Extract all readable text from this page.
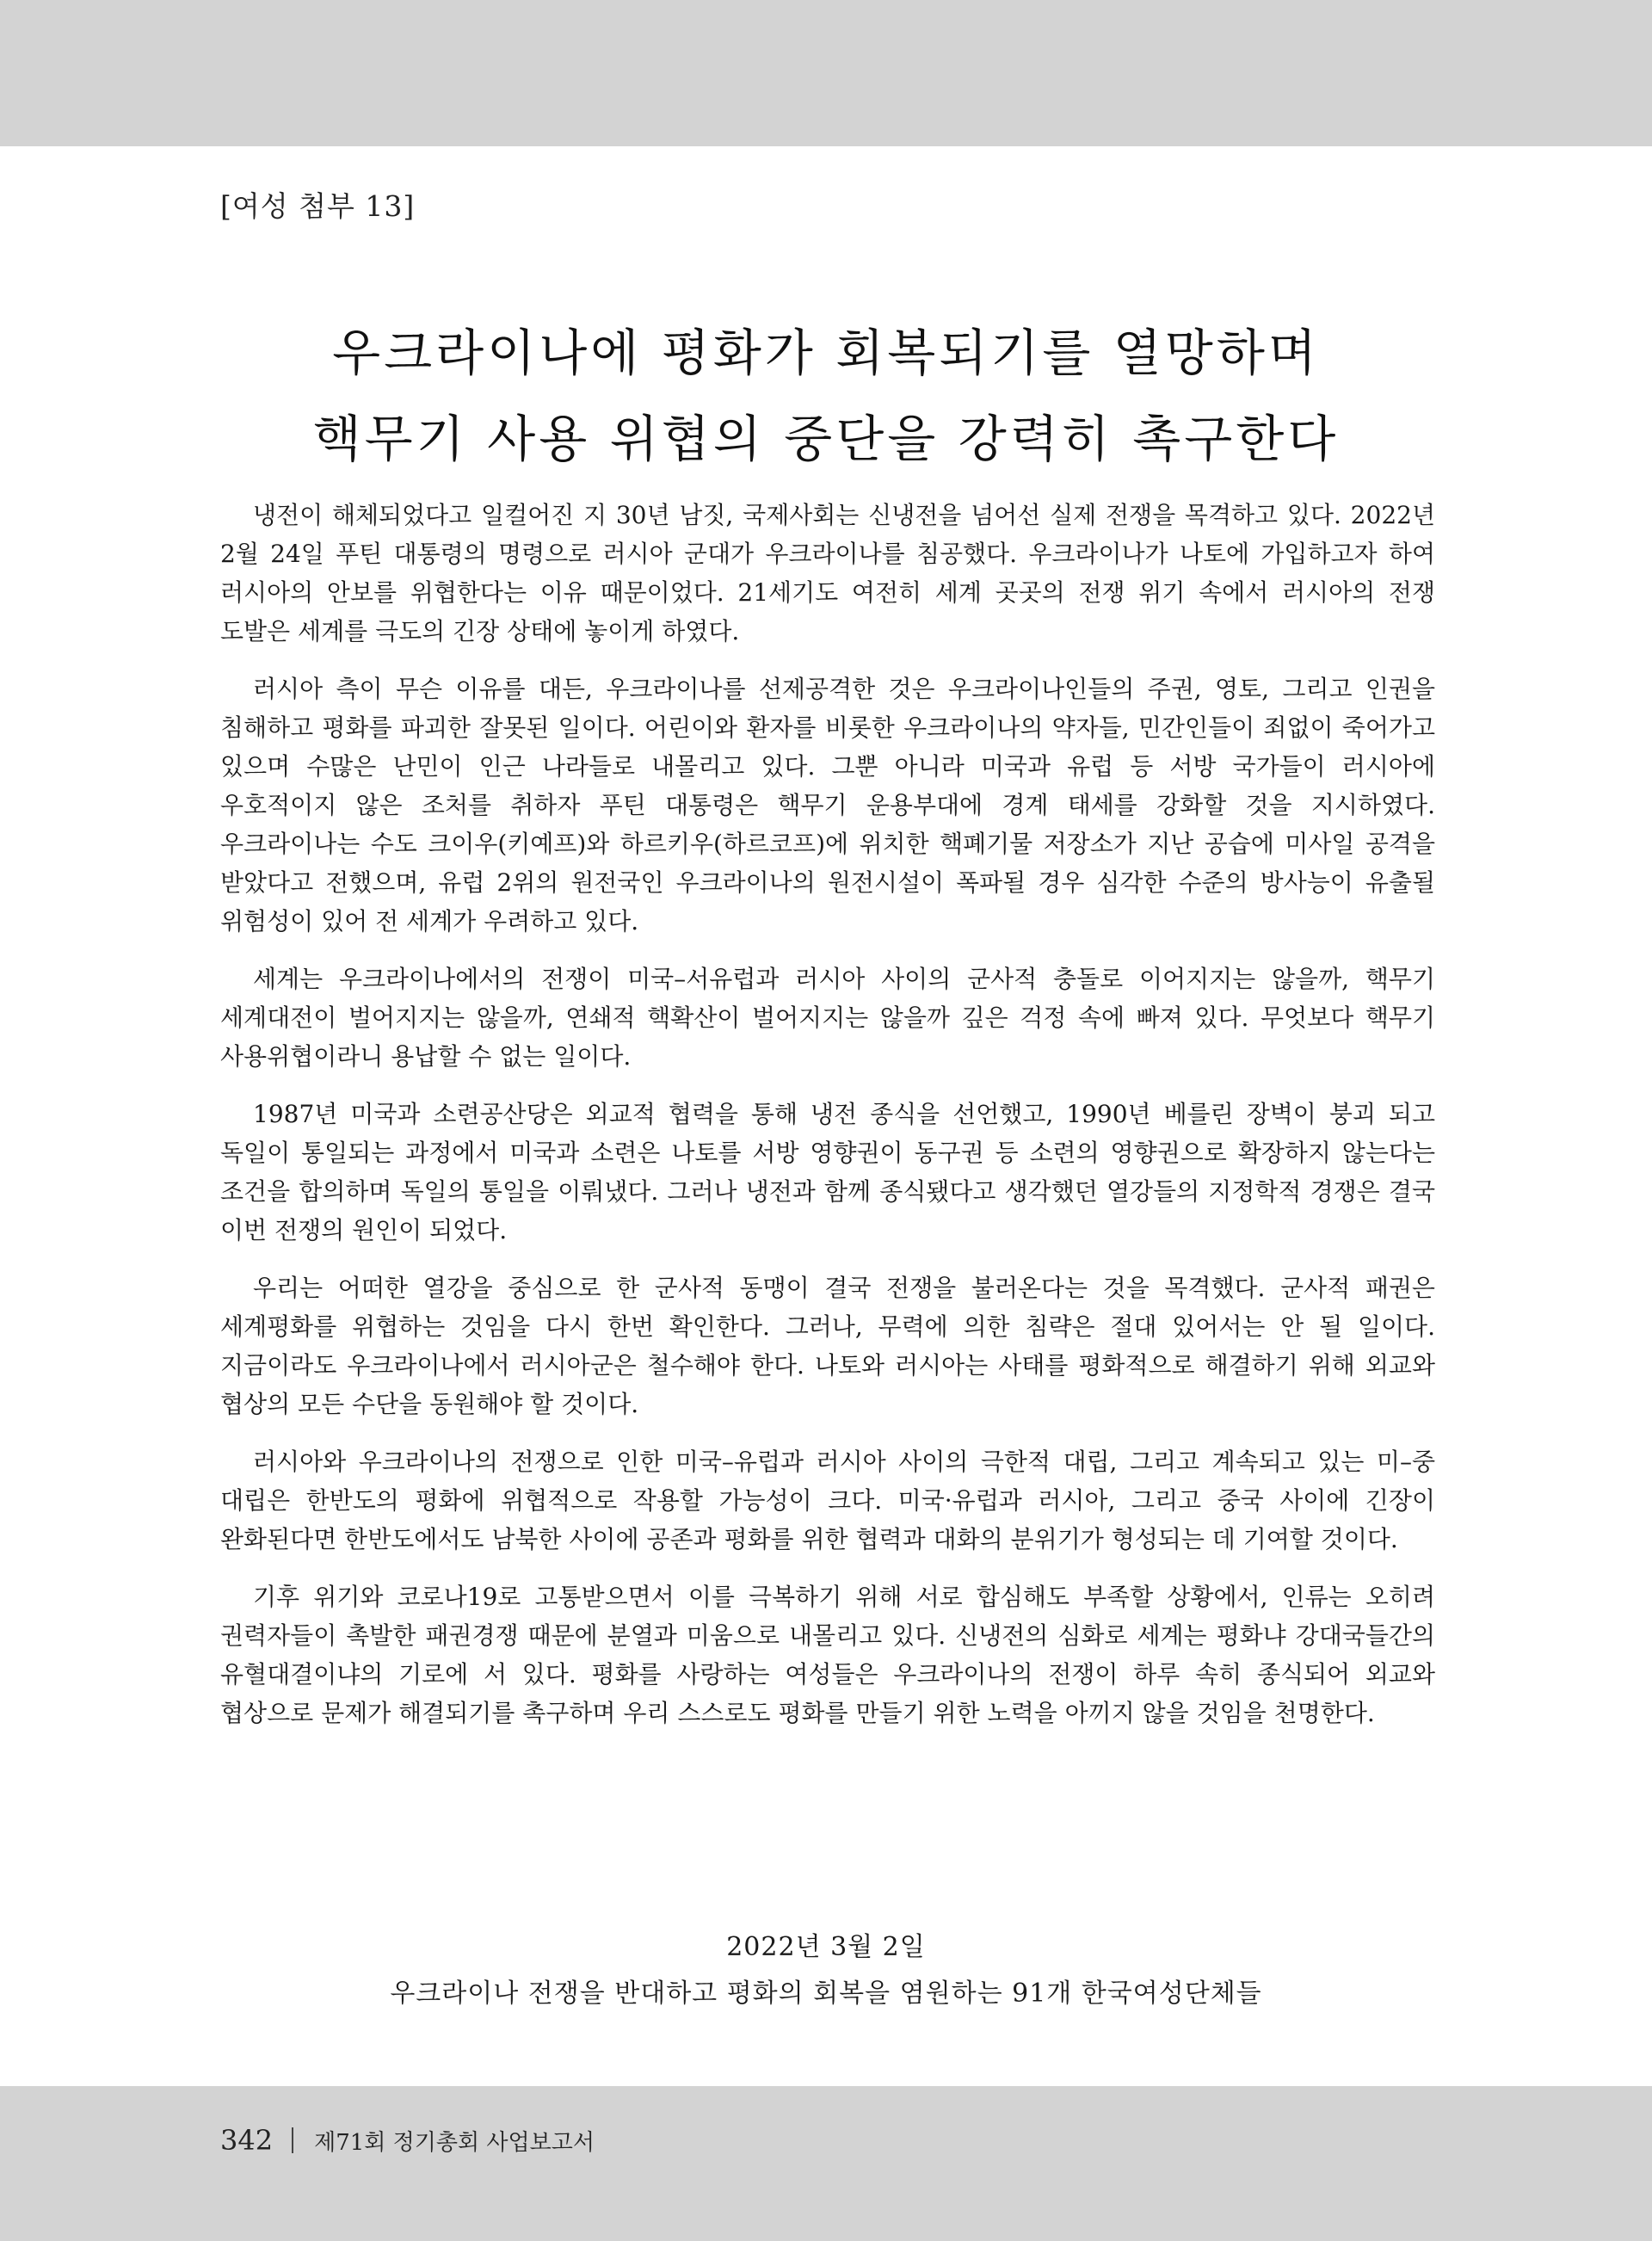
[여성 첨부 13]
우크라이나에 평화가 회복되기를 열망하며
핵무기 사용 위협의 중단을 강력히 촉구한다

냉전이 해체되었다고 일컬어진 지 30년 남짓, 국제사회는 신냉전을 넘어선 실제 전쟁을 목격하고 있다. 2022년 2월 24일 푸틴 대통령의 명령으로 러시아 군대가 우크라이나를 침공했다. 우크라이나가 나토에 가입하고자 하여 러시아의 안보를 위협한다는 이유 때문이었다. 21세기도 여전히 세계 곳곳의 전쟁 위기 속에서 러시아의 전쟁 도발은 세계를 극도의 긴장 상태에 놓이게 하였다.

러시아 측이 무슨 이유를 대든, 우크라이나를 선제공격한 것은 우크라이나인들의 주권, 영토, 그리고 인권을 침해하고 평화를 파괴한 잘못된 일이다. 어린이와 환자를 비롯한 우크라이나의 약자들, 민간인들이 죄없이 죽어가고 있으며 수많은 난민이 인근 나라들로 내몰리고 있다. 그뿐 아니라 미국과 유럽 등 서방 국가들이 러시아에 우호적이지 않은 조처를 취하자 푸틴 대통령은 핵무기 운용부대에 경계 태세를 강화할 것을 지시하였다. 우크라이나는 수도 크이우(키예프)와 하르키우(하르코프)에 위치한 핵폐기물 저장소가 지난 공습에 미사일 공격을 받았다고 전했으며, 유럽 2위의 원전국인 우크라이나의 원전시설이 폭파될 경우 심각한 수준의 방사능이 유출될 위험성이 있어 전 세계가 우려하고 있다.

세계는 우크라이나에서의 전쟁이 미국–서유럽과 러시아 사이의 군사적 충돌로 이어지지는 않을까, 핵무기 세계대전이 벌어지지는 않을까, 연쇄적 핵확산이 벌어지지는 않을까 깊은 걱정 속에 빠져 있다. 무엇보다 핵무기 사용위협이라니 용납할 수 없는 일이다.

1987년 미국과 소련공산당은 외교적 협력을 통해 냉전 종식을 선언했고, 1990년 베를린 장벽이 붕괴 되고 독일이 통일되는 과정에서 미국과 소련은 나토를 서방 영향권이 동구권 등 소련의 영향권으로 확장하지 않는다는 조건을 합의하며 독일의 통일을 이뤄냈다. 그러나 냉전과 함께 종식됐다고 생각했던 열강들의 지정학적 경쟁은 결국 이번 전쟁의 원인이 되었다.

우리는 어떠한 열강을 중심으로 한 군사적 동맹이 결국 전쟁을 불러온다는 것을 목격했다. 군사적 패권은 세계평화를 위협하는 것임을 다시 한번 확인한다. 그러나, 무력에 의한 침략은 절대 있어서는 안 될 일이다. 지금이라도 우크라이나에서 러시아군은 철수해야 한다. 나토와 러시아는 사태를 평화적으로 해결하기 위해 외교와 협상의 모든 수단을 동원해야 할 것이다.

러시아와 우크라이나의 전쟁으로 인한 미국–유럽과 러시아 사이의 극한적 대립, 그리고 계속되고 있는 미–중 대립은 한반도의 평화에 위협적으로 작용할 가능성이 크다. 미국·유럽과 러시아, 그리고 중국 사이에 긴장이 완화된다면 한반도에서도 남북한 사이에 공존과 평화를 위한 협력과 대화의 분위기가 형성되는 데 기여할 것이다.

기후 위기와 코로나19로 고통받으면서 이를 극복하기 위해 서로 합심해도 부족할 상황에서, 인류는 오히려 권력자들이 촉발한 패권경쟁 때문에 분열과 미움으로 내몰리고 있다. 신냉전의 심화로 세계는 평화냐 강대국들간의 유혈대결이냐의 기로에 서 있다. 평화를 사랑하는 여성들은 우크라이나의 전쟁이 하루 속히 종식되어 외교와 협상으로 문제가 해결되기를 촉구하며 우리 스스로도 평화를 만들기 위한 노력을 아끼지 않을 것임을 천명한다.

2022년 3월 2일
우크라이나 전쟁을 반대하고 평화의 회복을 염원하는 91개 한국여성단체들
342 제71회 정기총회 사업보고서
